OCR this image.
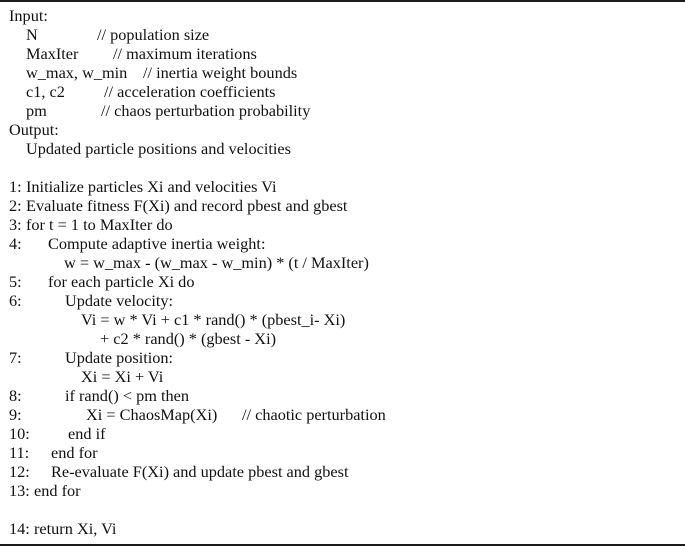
Input:
N	// population size
MaxIter // maximum iterations
w_max, w_min // inertia weight bounds
c1, c2 // acceleration coefficients
pm	// chaos perturbation probability
Output:
Updated particle positions and velocities
1: Initialize particles Xi and velocities Vi
2: Evaluate fitness F(Xi) and record pbest and gbest
3: for t = 1 to MaxIter do
4: Compute adaptive inertia weight:
w = w_max - (w_max - w_min) * (t / MaxIter)
5: for each particle Xi do
6:	Update velocity:
Vi = w * Vi + c1 * rand() * (pbest_i- Xi)
+ c2 * rand() * (gbest - Xi)
7:	Update position:
Xi = Xi + Vi
8:	if rand() < pm then
9:	Xi = ChaosMap(Xi) // chaotic perturbation
10: end if
11: end for
12: Re-evaluate F(Xi) and update pbest and gbest
13: end for
14: return Xi, Vi
